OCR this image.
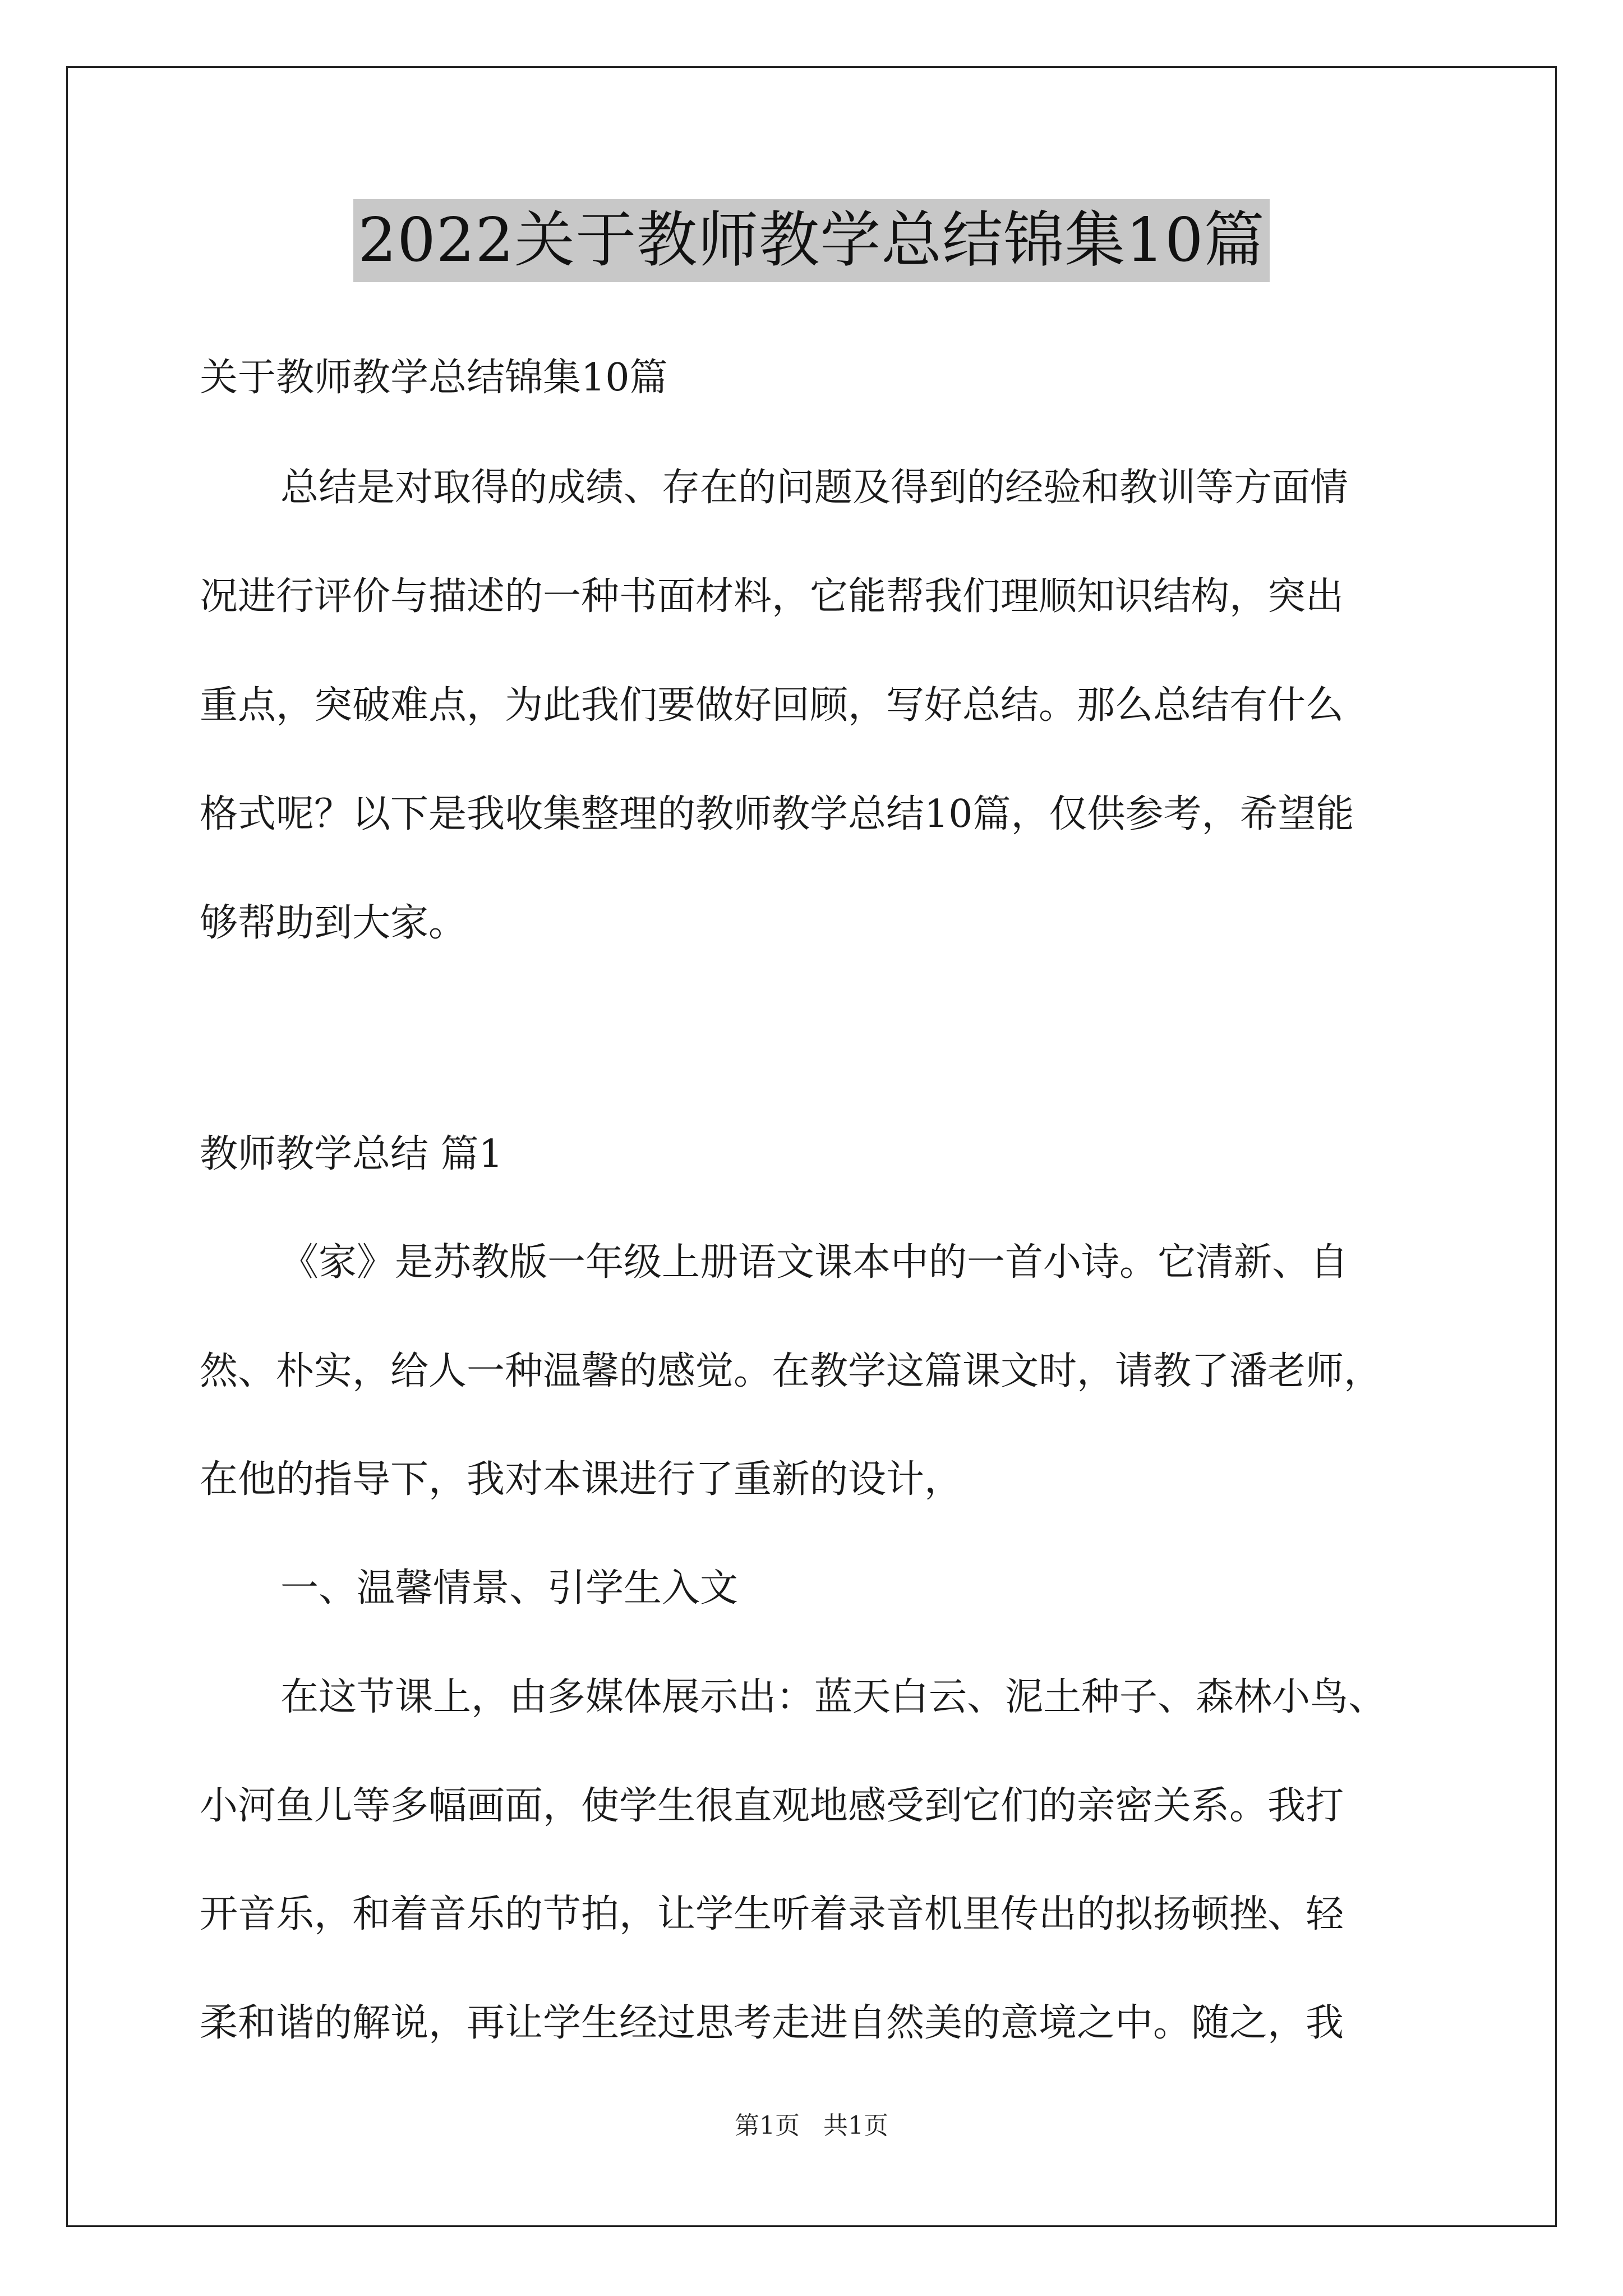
2022关于教师教学总结锦集10篇
关于教师教学总结锦集10篇
总结是对取得的成绩、存在的问题及得到的经验和教训等方面情
况进行评价与描述的一种书面材料，它能帮我们理顺知识结构，突出
重点，突破难点，为此我们要做好回顾，写好总结。那么总结有什么
格式呢？以下是我收集整理的教师教学总结10篇，仅供参考，希望能
够帮助到大家。
教师教学总结 篇1
《家》是苏教版一年级上册语文课本中的一首小诗。它清新、自
然、朴实，给人一种温馨的感觉。在教学这篇课文时，请教了潘老师，
在他的指导下，我对本课进行了重新的设计，
一、温馨情景、引学生入文
在这节课上，由多媒体展示出：蓝天白云、泥土种子、森林小鸟、
小河鱼儿等多幅画面，使学生很直观地感受到它们的亲密关系。我打
开音乐，和着音乐的节拍，让学生听着录音机里传出的拟扬顿挫、轻
柔和谐的解说，再让学生经过思考走进自然美的意境之中。随之，我
第1页   共1页
